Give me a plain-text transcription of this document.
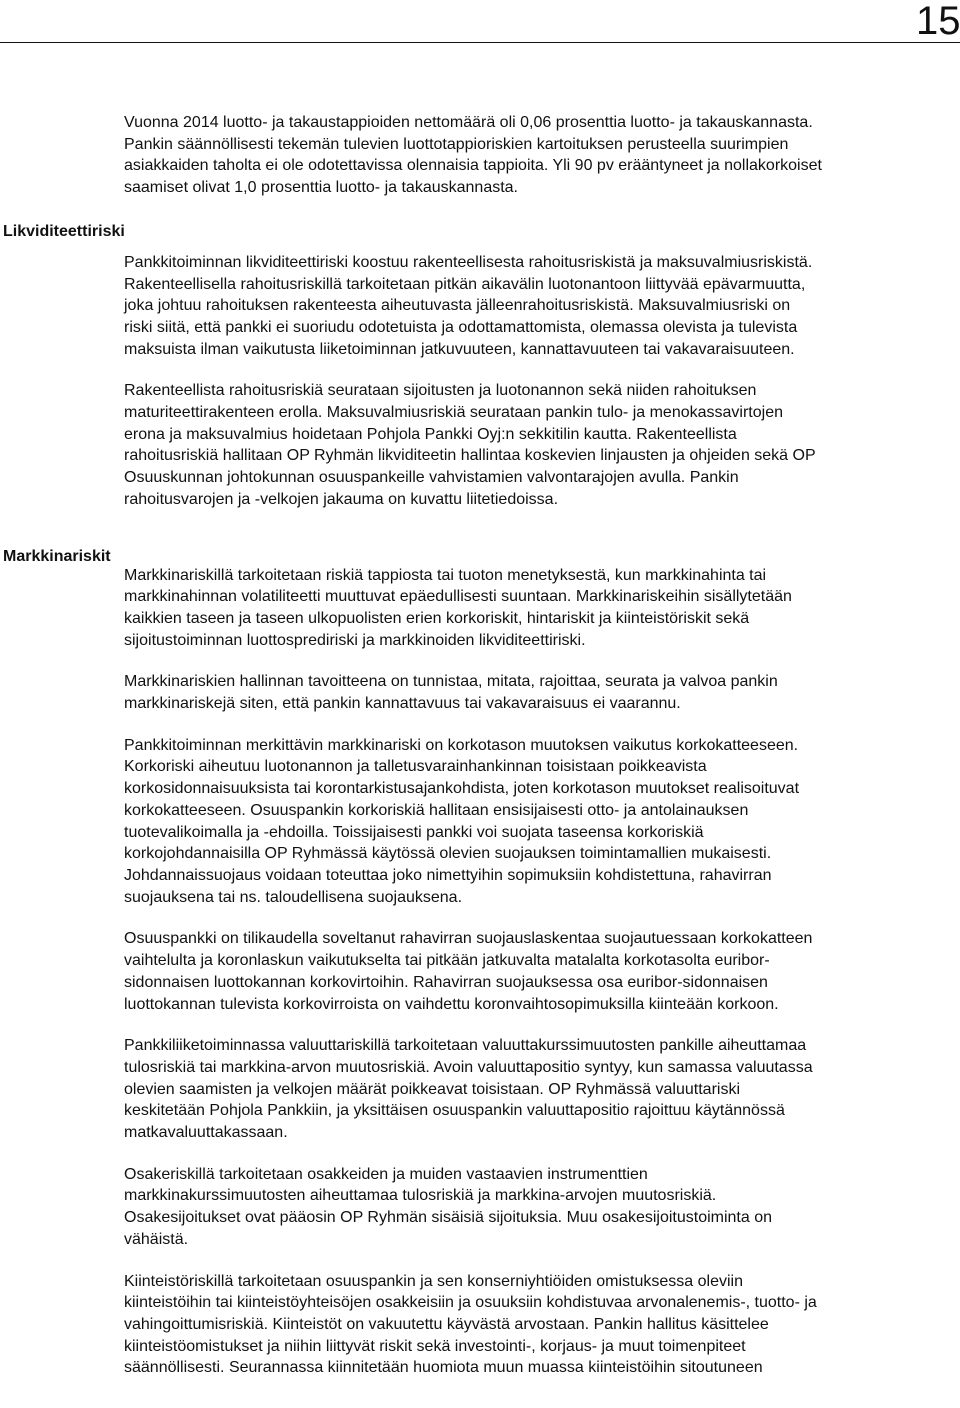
15
Likviditeettiriski
Markkinariskit

Vuonna 2014 luotto- ja takaustappioiden nettomäärä oli 0,06 prosenttia luotto- ja takauskannasta.
Pankin säännöllisesti tekemän tulevien luottotappioriskien kartoituksen perusteella suurimpien
asiakkaiden taholta ei ole odotettavissa olennaisia tappioita. Yli 90 pv erääntyneet ja nollakorkoiset
saamiset olivat 1,0 prosenttia luotto- ja takauskannasta.

Pankkitoiminnan likviditeettiriski koostuu rakenteellisesta rahoitusriskistä ja maksuvalmiusriskistä.
Rakenteellisella rahoitusriskillä tarkoitetaan pitkän aikavälin luotonantoon liittyvää epävarmuutta,
joka johtuu rahoituksen rakenteesta aiheutuvasta jälleenrahoitusriskistä. Maksuvalmiusriski on
riski siitä, että pankki ei suoriudu odotetuista ja odottamattomista, olemassa olevista ja tulevista
maksuista ilman vaikutusta liiketoiminnan jatkuvuuteen, kannattavuuteen tai vakavaraisuuteen.

Rakenteellista rahoitusriskiä seurataan sijoitusten ja luotonannon sekä niiden rahoituksen
maturiteettirakenteen erolla. Maksuvalmiusriskiä seurataan pankin tulo- ja menokassavirtojen
erona ja maksuvalmius hoidetaan Pohjola Pankki Oyj:n sekkitilin kautta. Rakenteellista
rahoitusriskiä hallitaan OP Ryhmän likviditeetin hallintaa koskevien linjausten ja ohjeiden sekä OP
Osuuskunnan johtokunnan osuuspankeille vahvistamien valvontarajojen avulla. Pankin
rahoitusvarojen ja -velkojen jakauma on kuvattu liitetiedoissa.

Markkinariskillä tarkoitetaan riskiä tappiosta tai tuoton menetyksestä, kun markkinahinta tai
markkinahinnan volatiliteetti muuttuvat epäedullisesti suuntaan. Markkinariskeihin sisällytetään
kaikkien taseen ja taseen ulkopuolisten erien korkoriskit, hintariskit ja kiinteistöriskit sekä
sijoitustoiminnan luottosprediriski ja markkinoiden likviditeettiriski.

Markkinariskien hallinnan tavoitteena on tunnistaa, mitata, rajoittaa, seurata ja valvoa pankin
markkinariskejä siten, että pankin kannattavuus tai vakavaraisuus ei vaarannu.

Pankkitoiminnan merkittävin markkinariski on korkotason muutoksen vaikutus korkokatteeseen.
Korkoriski aiheutuu luotonannon ja talletusvarainhankinnan toisistaan poikkeavista
korkosidonnaisuuksista tai korontarkistusajankohdista, joten korkotason muutokset realisoituvat
korkokatteeseen. Osuuspankin korkoriskiä hallitaan ensisijaisesti otto- ja antolainauksen
tuotevalikoimalla ja -ehdoilla. Toissijaisesti pankki voi suojata taseensa korkoriskiä
korkojohdannaisilla OP Ryhmässä käytössä olevien suojauksen toimintamallien mukaisesti.
Johdannaissuojaus voidaan toteuttaa joko nimettyihin sopimuksiin kohdistettuna, rahavirran
suojauksena tai ns. taloudellisena suojauksena.

Osuuspankki on tilikaudella soveltanut rahavirran suojauslaskentaa suojautuessaan korkokatteen
vaihtelulta ja koronlaskun vaikutukselta tai pitkään jatkuvalta matalalta korkotasolta euribor-
sidonnaisen luottokannan korkovirtoihin. Rahavirran suojauksessa osa euribor-sidonnaisen
luottokannan tulevista korkovirroista on vaihdettu koronvaihtosopimuksilla kiinteään korkoon.

Pankkiliiketoiminnassa valuuttariskillä tarkoitetaan valuuttakurssimuutosten pankille aiheuttamaa
tulosriskiä tai markkina-arvon muutosriskiä. Avoin valuuttapositio syntyy, kun samassa valuutassa
olevien saamisten ja velkojen määrät poikkeavat toisistaan. OP Ryhmässä valuuttariski
keskitetään Pohjola Pankkiin, ja yksittäisen osuuspankin valuuttapositio rajoittuu käytännössä
matkavaluuttakassaan.

Osakeriskillä tarkoitetaan osakkeiden ja muiden vastaavien instrumenttien
markkinakurssimuutosten aiheuttamaa tulosriskiä ja markkina-arvojen muutosriskiä.
Osakesijoitukset ovat pääosin OP Ryhmän sisäisiä sijoituksia. Muu osakesijoitustoiminta on
vähäistä.

Kiinteistöriskillä tarkoitetaan osuuspankin ja sen konserniyhtiöiden omistuksessa oleviin
kiinteistöihin tai kiinteistöyhteisöjen osakkeisiin ja osuuksiin kohdistuvaa arvonalenemis-, tuotto- ja
vahingoittumisriskiä. Kiinteistöt on vakuutettu käyvästä arvostaan. Pankin hallitus käsittelee
kiinteistöomistukset ja niihin liittyvät riskit sekä investointi-, korjaus- ja muut toimenpiteet
säännöllisesti. Seurannassa kiinnitetään huomiota muun muassa kiinteistöihin sitoutuneen
